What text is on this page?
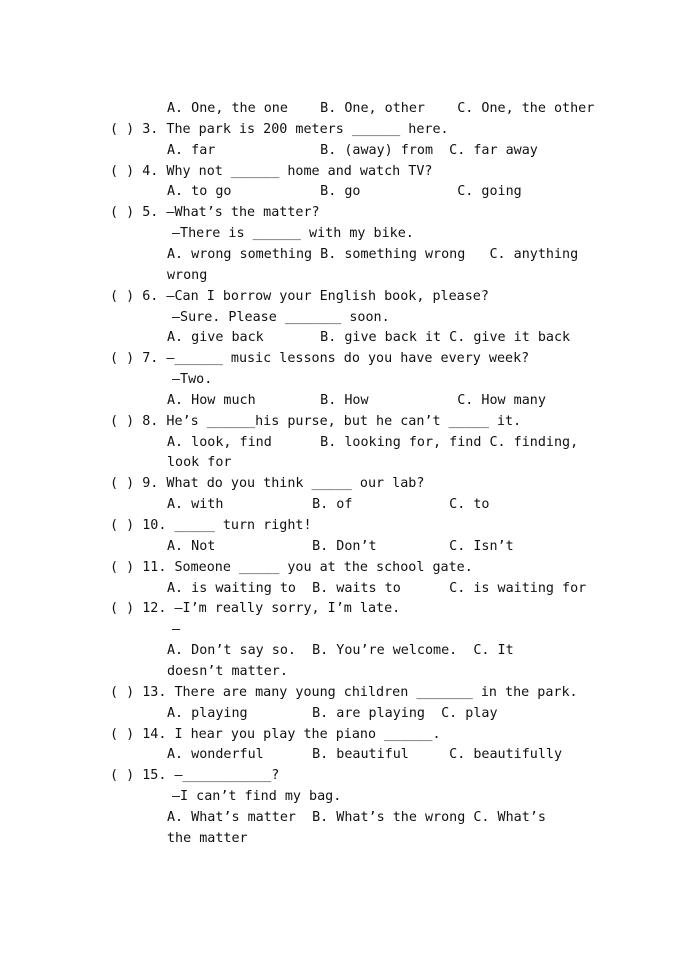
A. One, the one    B. One, other    C. One, the other
( ) 3. The park is 200 meters ______ here.
A. far             B. (away) from  C. far away
( ) 4. Why not ______ home and watch TV?
A. to go           B. go            C. going
( ) 5. —What’s the matter?
—There is ______ with my bike.
A. wrong something B. something wrong   C. anything
wrong
( ) 6. —Can I borrow your English book, please?
—Sure. Please _______ soon.
A. give back       B. give back it C. give it back
( ) 7. —______ music lessons do you have every week?
—Two.
A. How much        B. How           C. How many
( ) 8. He’s ______his purse, but he can’t _____ it.
A. look, find      B. looking for, find C. finding,
look for
( ) 9. What do you think _____ our lab?
A. with           B. of            C. to
( ) 10. _____ turn right!
A. Not            B. Don’t         C. Isn’t
( ) 11. Someone _____ you at the school gate.
A. is waiting to  B. waits to      C. is waiting for
( ) 12. —I’m really sorry, I’m late.
—
A. Don’t say so.  B. You’re welcome.  C. It
doesn’t matter.
( ) 13. There are many young children _______ in the park.
A. playing        B. are playing  C. play
( ) 14. I hear you play the piano ______.
A. wonderful      B. beautiful     C. beautifully
( ) 15. —___________?
—I can’t find my bag.
A. What’s matter  B. What’s the wrong C. What’s
the matter
